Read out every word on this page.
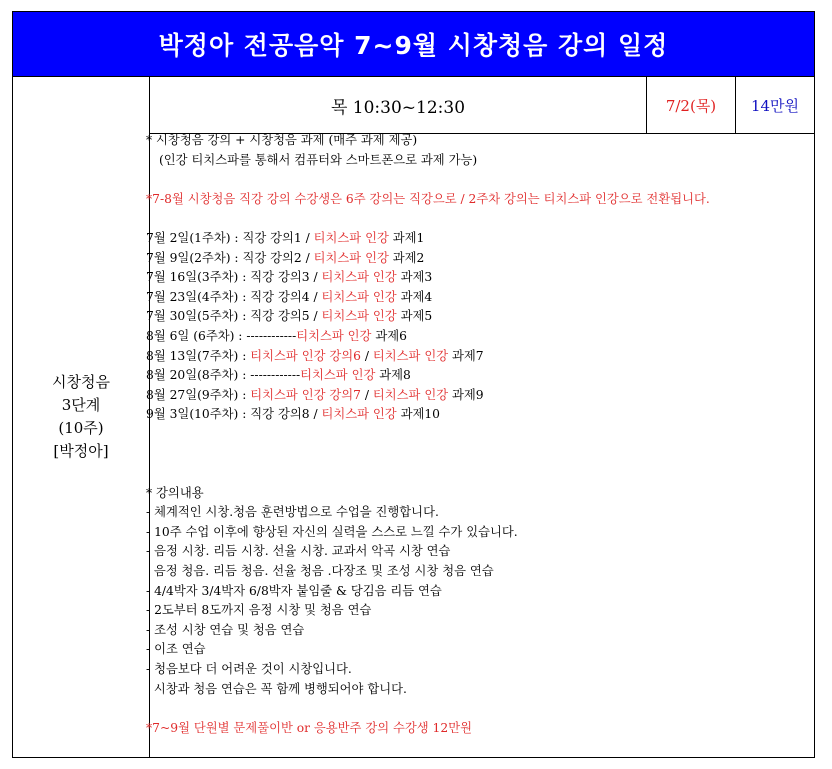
박정아 전공음악 7~9월 시창청음 강의 일정
시창청음
3단계
(10주)
[박정아]
목 10:30~12:30	7/2(목)	14만원
* 시창청음 강의 + 시창청음 과제 (매주 과제 제공)
(인강 티치스파를 통해서 컴퓨터와 스마트폰으로 과제 가능)
*7-8월 시창청음 직강 강의 수강생은 6주 강의는 직강으로 / 2주차 강의는 티치스파 인강으로 전환됩니다.
7월 2일(1주차) : 직강 강의1 / 티치스파 인강 과제1
7월 9일(2주차) : 직강 강의2 / 티치스파 인강 과제2
7월 16일(3주차) : 직강 강의3 / 티치스파 인강 과제3
7월 23일(4주차) : 직강 강의4 / 티치스파 인강 과제4
7월 30일(5주차) : 직강 강의5 / 티치스파 인강 과제5
8월 6일 (6주차) : ------------티치스파 인강 과제6
8월 13일(7주차) : 티치스파 인강 강의6 / 티치스파 인강 과제7
8월 20일(8주차) : ------------티치스파 인강 과제8
8월 27일(9주차) : 티치스파 인강 강의7 / 티치스파 인강 과제9
9월 3일(10주차) : 직강 강의8 / 티치스파 인강 과제10
* 강의내용
- 체계적인 시창.청음 훈련방법으로 수업을 진행합니다.
- 10주 수업 이후에 향상된 자신의 실력을 스스로 느낄 수가 있습니다.
- 음정 시창. 리듬 시창. 선율 시창. 교과서 악곡 시창 연습
음정 청음. 리듬 청음. 선율 청음 .다장조 및 조성 시창 청음 연습
- 4/4박자 3/4박자 6/8박자 붙임줄 & 당김음 리듬 연습
- 2도부터 8도까지 음정 시창 및 청음 연습
- 조성 시창 연습 및 청음 연습
- 이조 연습
- 청음보다 더 어려운 것이 시창입니다.
시창과 청음 연습은 꼭 함께 병행되어야 합니다.
*7~9월 단원별 문제풀이반 or 응용반주 강의 수강생 12만원
